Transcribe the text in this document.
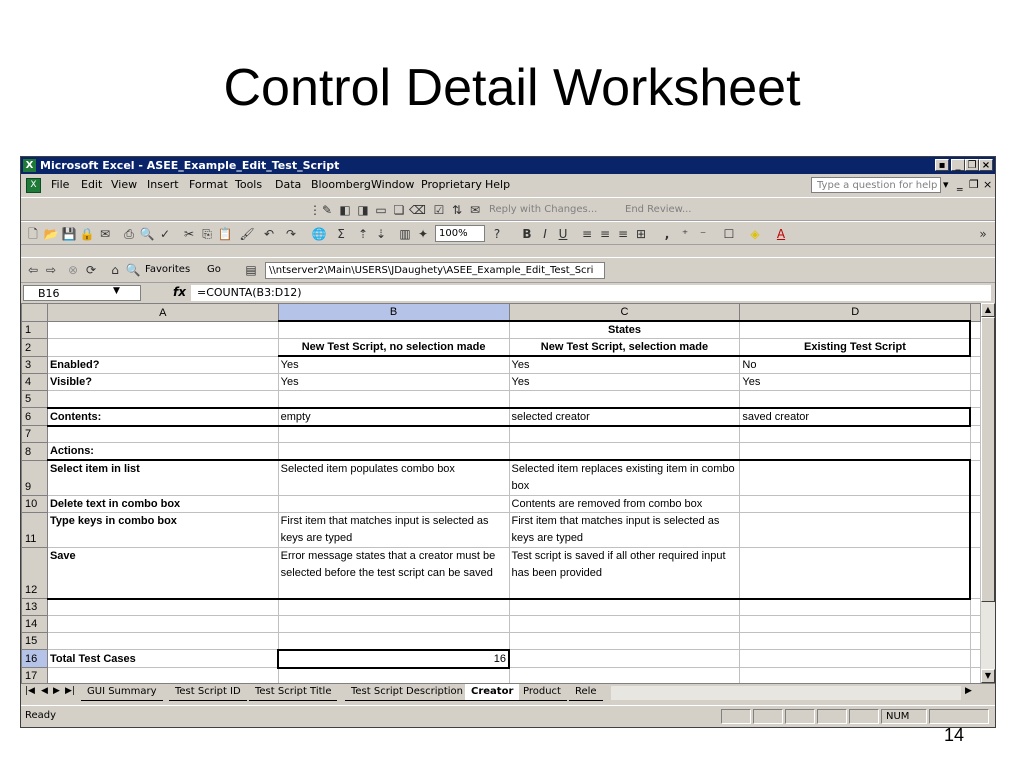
Control Detail Worksheet
X Microsoft Excel - ASEE_Example_Edit_Test_Script	▪	_ ❐ ×
X	File Edit View Insert Format Tools Data Bloomberg Window Proprietary Help	Type a question for help ▾ ‗ ❐ ×
⋮ ✎ ◧ ◨ ▭ ❏ ⌫ ☑ ⇅ ✉ Reply with Changes...	End Review...
🗋 📂 💾 🔒 ✉ ⎙ 🔍 ✓ ✂ ⎘ 📋 🖌 ↶ ↷ 🌐 Σ	⇡ ⇣ ▥ ✦	100%	?	B I U	≡ ≡ ≡ ⊞	,	⁺ ⁻	☐ ◈	A	»
⇦ ⇨ ⊗ ⟳	⌂ 🔍 Favorites Go ▤	\\ntserver2\Main\USERS\JDaughety\ASEE_Example_Edit_Test_Scri
B16	▼	fx	=COUNTA(B3:D12)
	A	B	C	D	
1			States		
2		New Test Script, no selection made	New Test Script, selection made	Existing Test Script	
3	Enabled?	Yes	Yes	No	
4	Visible?	Yes	Yes	Yes	
5					
6	Contents:	empty	selected creator	saved creator	
7					
8	Actions:				
9	Select item in list	Selected item populates combo box	Selected item replaces existing item in combo box		
10	Delete text in combo box		Contents are removed from combo box		
11	Type keys in combo box	First item that matches input is selected as keys are typed	First item that matches input is selected as keys are typed		
12	Save	Error message states that a creator must be selected before the test script can be saved	Test script is saved if all other required input has been provided		
13					
14					
15					
16	Total Test Cases	16			
17					
▲
▼
|◀ ◀ ▶ ▶|	GUI Summary	Test Script ID	Test Script Title	Test Script Description Creator Product	Rele	▶
Ready	NUM
14
